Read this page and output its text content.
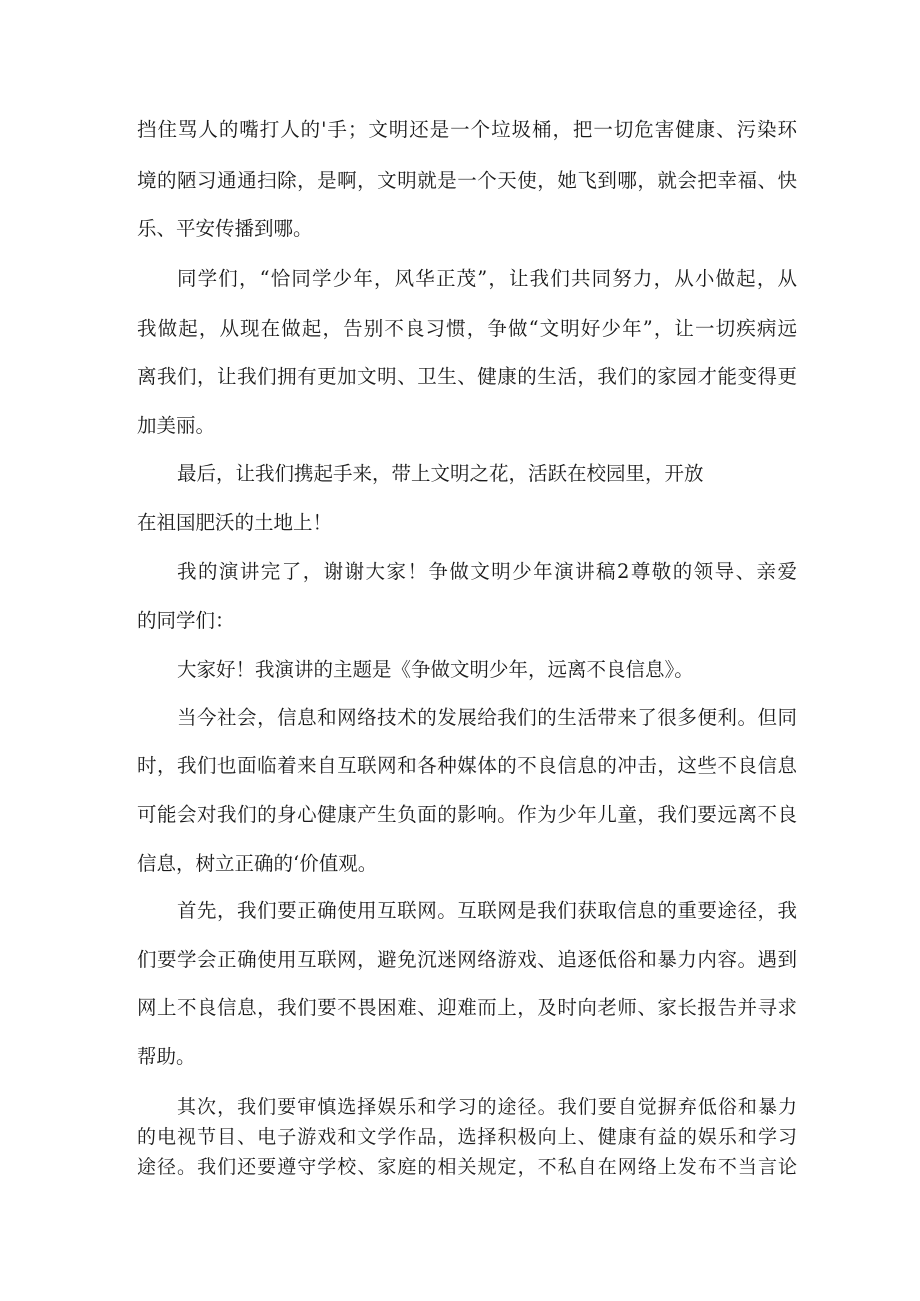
挡住骂人的嘴打人的'手；文明还是一个垃圾桶，把一切危害健康、污染环
境的陋习通通扫除，是啊，文明就是一个天使，她飞到哪，就会把幸福、快
乐、平安传播到哪。
同学们，“恰同学少年，风华正茂”，让我们共同努力，从小做起，从
我做起，从现在做起，告别不良习惯，争做“文明好少年”，让一切疾病远
离我们，让我们拥有更加文明、卫生、健康的生活，我们的家园才能变得更
加美丽。
最后，让我们携起手来，带上文明之花，活跃在校园里，开放
在祖国肥沃的土地上！
我的演讲完了，谢谢大家！争做文明少年演讲稿2尊敬的领导、亲爱
的同学们：
大家好！我演讲的主题是《争做文明少年，远离不良信息》。
当今社会，信息和网络技术的发展给我们的生活带来了很多便利。但同
时，我们也面临着来自互联网和各种媒体的不良信息的冲击，这些不良信息
可能会对我们的身心健康产生负面的影响。作为少年儿童，我们要远离不良
信息，树立正确的‘价值观。
首先，我们要正确使用互联网。互联网是我们获取信息的重要途径，我
们要学会正确使用互联网，避免沉迷网络游戏、追逐低俗和暴力内容。遇到
网上不良信息，我们要不畏困难、迎难而上，及时向老师、家长报告并寻求
帮助。
其次，我们要审慎选择娱乐和学习的途径。我们要自觉摒弃低俗和暴力
的电视节目、电子游戏和文学作品，选择积极向上、健康有益的娱乐和学习
途径。我们还要遵守学校、家庭的相关规定，不私自在网络上发布不当言论
